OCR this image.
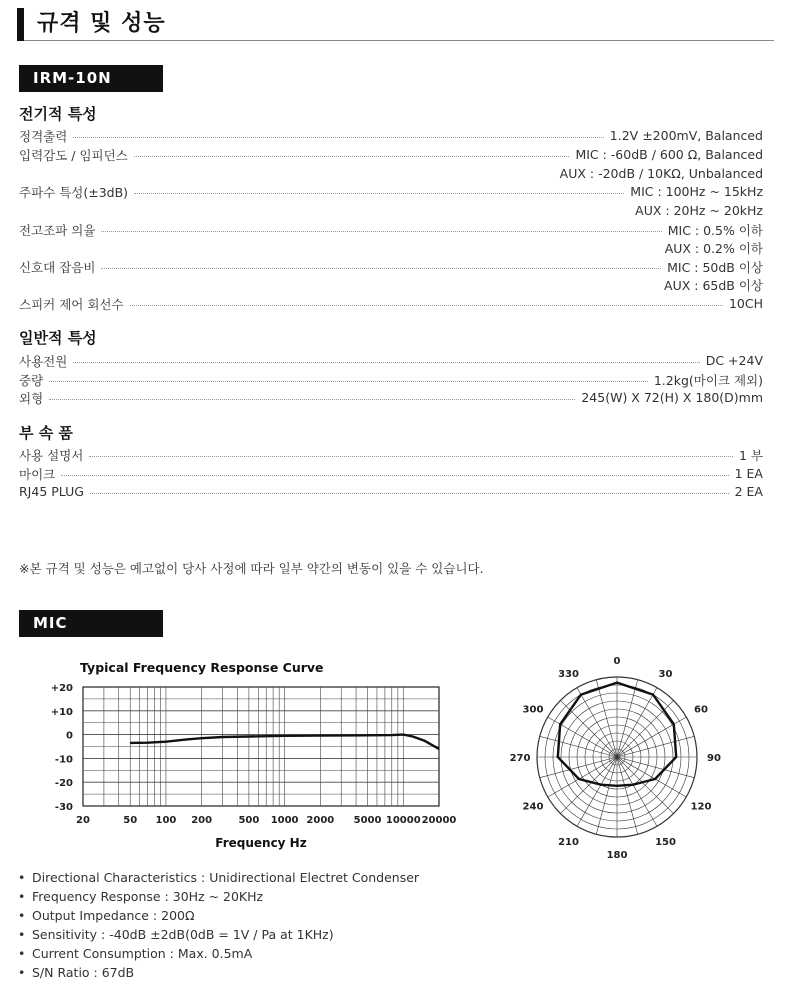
규격 및 성능
IRM-10N
전기적 특성
정격출력	1.2V ±200mV, Balanced
입력감도 / 임피던스	MIC : -60dB / 600 Ω, Balanced
AUX : -20dB / 10KΩ, Unbalanced
주파수 특성(±3dB)	MIC : 100Hz ~ 15kHz
AUX : 20Hz ~ 20kHz
전고조파 의율	MIC : 0.5% 이하
AUX : 0.2% 이하
신호대 잡음비	MIC : 50dB 이상
AUX : 65dB 이상
스피커 제어 회선수	10CH
일반적 특성
사용전원	DC +24V
중량	1.2kg(마이크 제외)
외형	245(W) X 72(H) X 180(D)mm
부 속 품
사용 설명서	1 부
마이크	1 EA
RJ45 PLUG	2 EA
※본 규격 및 성능은 예고없이 당사 사정에 따라 일부 약간의 변동이 있을 수 있습니다.
MIC
Typical Frequency Response Curve
+20
+10
0
-10
-20
-30
20	50 100 200	500 1000 2000 5000 10000 20000
Frequency Hz
0
30
60
90
120
150
180
210
240
270
300
330
• Directional Characteristics : Unidirectional Electret Condenser
• Frequency Response : 30Hz ~ 20KHz
• Output Impedance : 200Ω
• Sensitivity : -40dB ±2dB(0dB = 1V / Pa at 1KHz)
• Current Consumption : Max. 0.5mA
• S/N Ratio : 67dB
